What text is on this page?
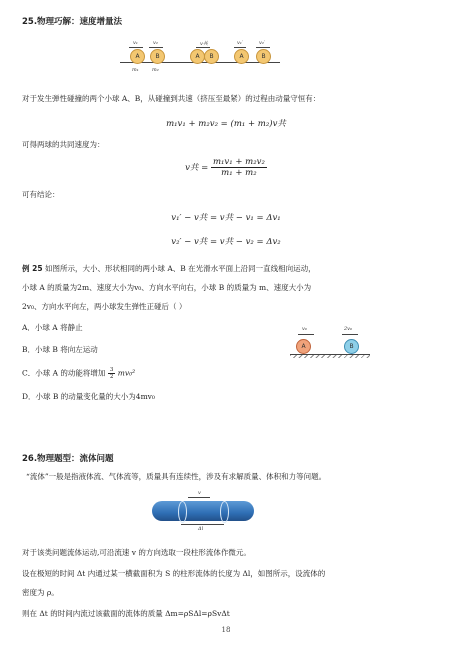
25.物理巧解：速度增量法
v₁	v₂
A	B
m₁	m₂
v共
A	B
v₁′	v₂′
A	B
对于发生弹性碰撞的两个小球 A、B，从碰撞到共速（挤压至最紧）的过程由动量守恒有：
m₁v₁ + m₂v₂ = (m₁ + m₂)v共
可得两球的共同速度为：
v共 = $\frac{\text{m₁v₁ + m₂v₂}}{\text{m₁ + m₂}}$
可有结论：
v₁′ − v共 = v共 − v₁ = Δv₁
v₂′ − v共 = v共 − v₂ = Δv₂
例 25 如图所示，大小、形状相同的两小球 A、B 在光滑水平面上沿同一直线相向运动，
小球 A 的质量为2m、速度大小为v₀、方向水平向右，小球 B 的质量为 m、速度大小为
2v₀、方向水平向左，两小球发生弹性正碰后（ ）
A．小球 A 将静止
B．小球 B 将向左运动
C．小球 A 的动能将增加 $\frac{3}{2} mv_0^2$
D．小球 B 的动量变化量的大小为4mv₀
v₀	2v₀
A	B
26.物理题型：流体问题
“流体”一般是指液体流、气体流等，质量具有连续性，涉及有求解质量、体积和力等问题。
v
Δl
对于该类问题流体运动,可沿流速 v 的方向选取一段柱形流体作微元。
设在极短的时间 Δt 内通过某一横截面积为 S 的柱形流体的长度为 Δl，如图所示，设流体的
密度为 ρ。
则在 Δt 的时间内流过该截面的流体的质量 Δm=ρSΔl=ρSvΔt
18
